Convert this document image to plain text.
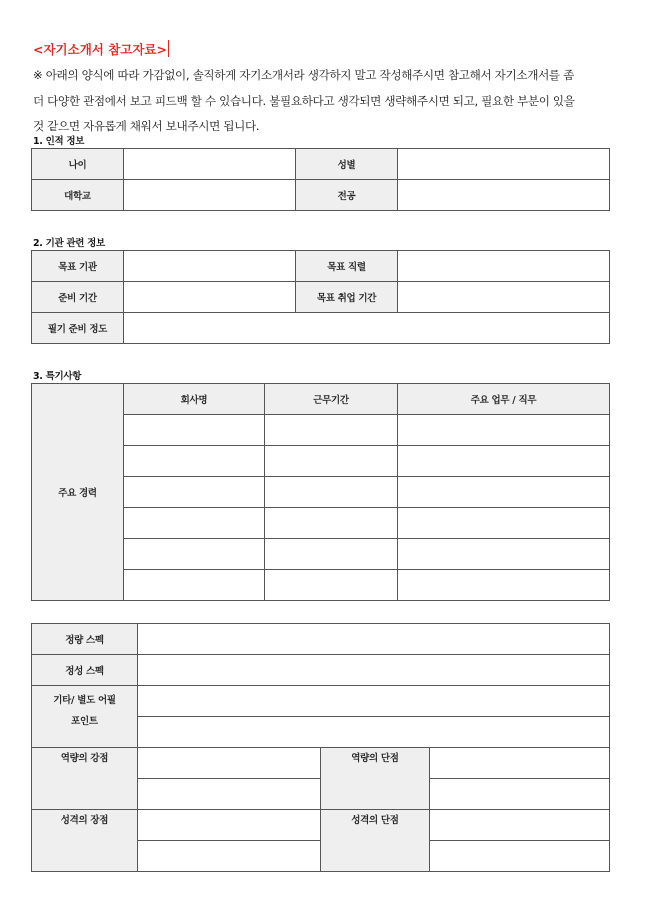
<자기소개서 참고자료>

※ 아래의 양식에 따라 가감없이, 솔직하게 자기소개서라 생각하지 말고 작성해주시면 참고해서 자기소개서를 좀

더 다양한 관점에서 보고 피드백 할 수 있습니다. 불필요하다고 생각되면 생략해주시면 되고, 필요한 부분이 있을

것 같으면 자유롭게 채워서 보내주시면 됩니다.

1. 인적 정보
나이		성별	
대학교		전공	
2. 기관 관련 정보
목표 기관		목표 직렬	
준비 기간		목표 취업 기간	
필기 준비 정도			
3. 특기사항
주요 경력	회사명	근무기간	주요 업무 / 직무

정량 스펙			
정성 스펙			

기타/ 별도 어필
포인트			

역량의 강점		역량의 단점	

성격의 장점		성격의 단점	
